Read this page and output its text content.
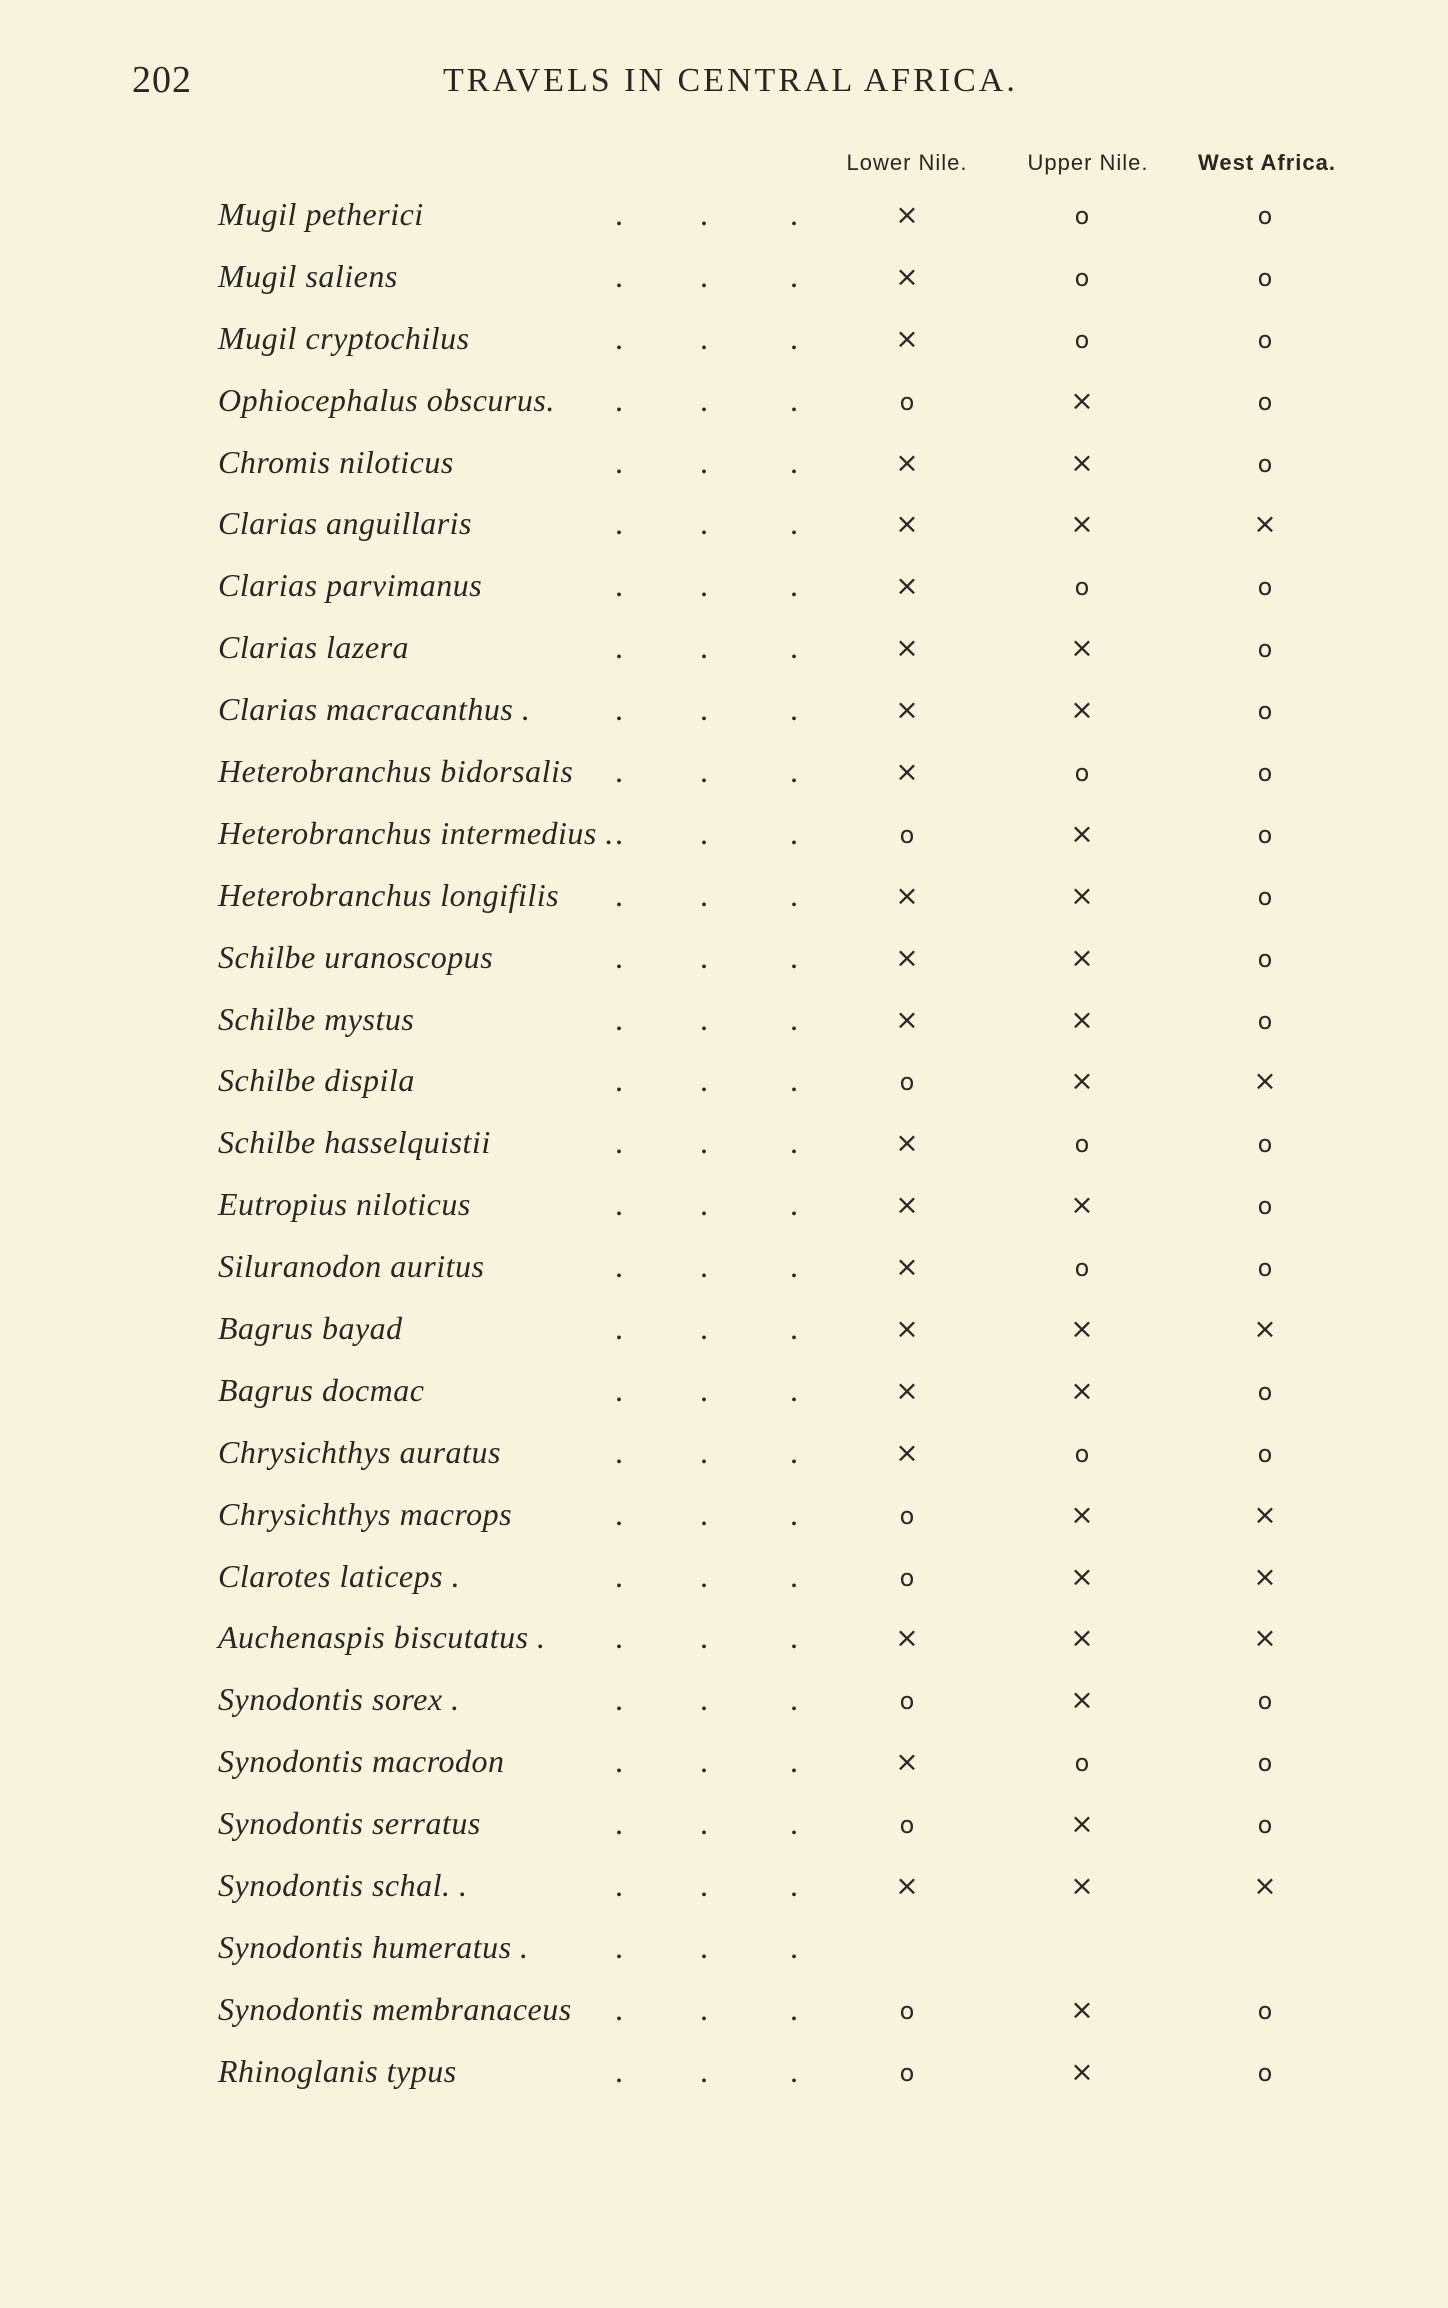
202	TRAVELS IN CENTRAL AFRICA.
Lower Nile.	Upper Nile.	West Africa.
Mugil petherici	. .	.	×	o	o
Mugil saliens	. .	.	×	o	o
Mugil cryptochilus	. .	.	×	o	o
Ophiocephalus obscurus. . .	.	o	×	o
Chromis niloticus	. .	.	×	×	o
Clarias anguillaris	. .	.	×	×	×
Clarias parvimanus	. .	.	×	o	o
Clarias lazera	. .	.	×	×	o
Clarias macracanthus .	. .	.	×	×	o
Heterobranchus bidorsalis . .	.	×	o	o
Heterobranchus intermedius . . .	.	o	×	o
Heterobranchus longifilis . .	.	×	×	o
Schilbe uranoscopus	. .	.	×	×	o
Schilbe mystus	. .	.	×	×	o
Schilbe dispila	. .	.	o	×	×
Schilbe hasselquistii	. .	.	×	o	o
Eutropius niloticus	. .	.	×	×	o
Siluranodon auritus	. .	.	×	o	o
Bagrus bayad	. .	.	×	×	×
Bagrus docmac	. .	.	×	×	o
Chrysichthys auratus	. .	.	×	o	o
Chrysichthys macrops	. .	.	o	×	×
Clarotes laticeps .	. .	.	o	×	×
Auchenaspis biscutatus . . .	.	×	×	×
Synodontis sorex .	. .	.	o	×	o
Synodontis macrodon	. .	.	×	o	o
Synodontis serratus	. .	.	o	×	o
Synodontis schal. .	. .	.	×	×	×
Synodontis humeratus .	. .	.
Synodontis membranaceus . .	.	o	×	o
Rhinoglanis typus	. .	.	o	×	o
